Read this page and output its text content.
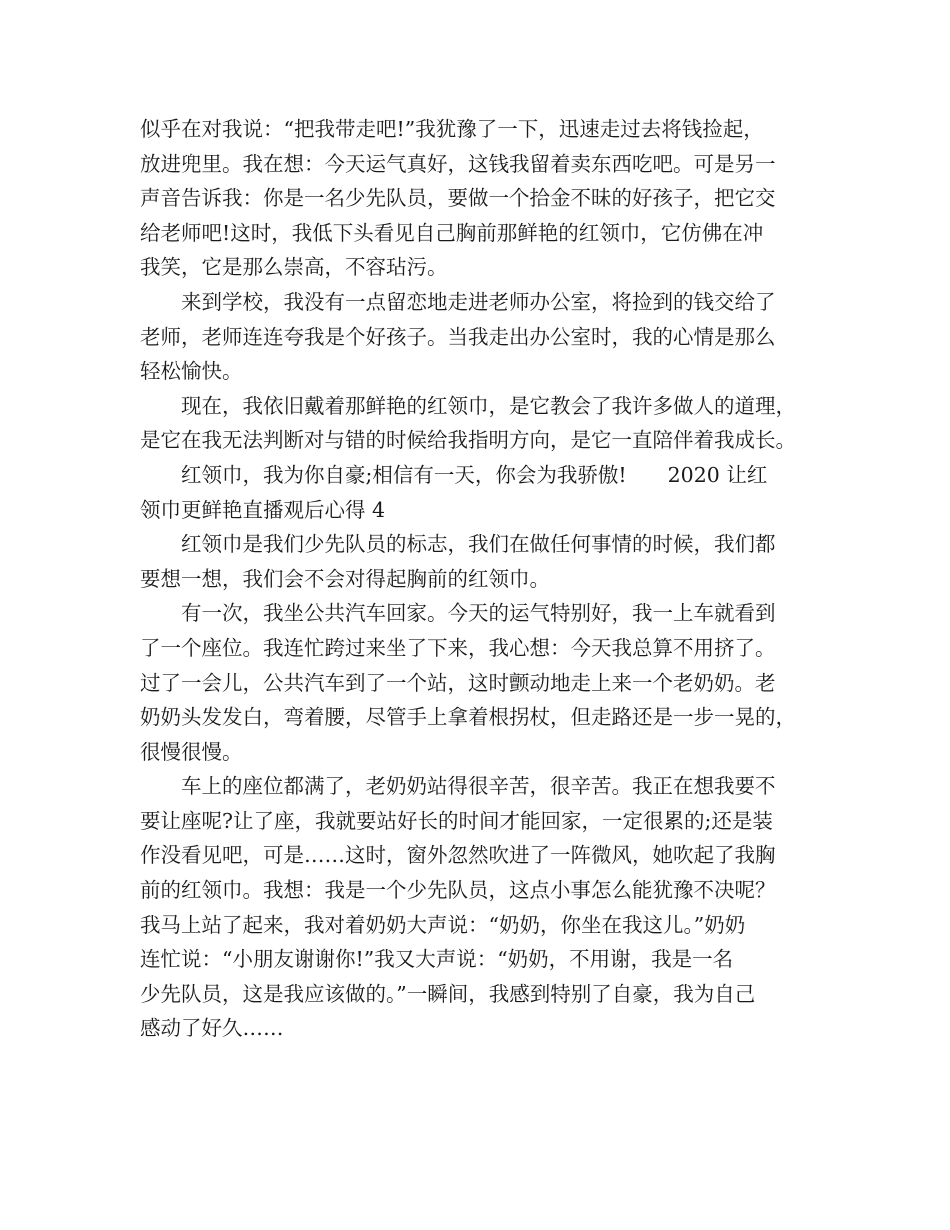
似乎在对我说：“把我带走吧!”我犹豫了一下，迅速走过去将钱捡起，
放进兜里。我在想：今天运气真好，这钱我留着卖东西吃吧。可是另一
声音告诉我：你是一名少先队员，要做一个拾金不昧的好孩子，把它交
给老师吧!这时，我低下头看见自己胸前那鲜艳的红领巾，它仿佛在冲
我笑，它是那么崇高，不容玷污。
来到学校，我没有一点留恋地走进老师办公室，将捡到的钱交给了
老师，老师连连夸我是个好孩子。当我走出办公室时，我的心情是那么
轻松愉快。
现在，我依旧戴着那鲜艳的红领巾，是它教会了我许多做人的道理，
是它在我无法判断对与错的时候给我指明方向，是它一直陪伴着我成长。
红领巾，我为你自豪;相信有一天，你会为我骄傲!　　2020 让红
领巾更鲜艳直播观后心得 4
红领巾是我们少先队员的标志，我们在做任何事情的时候，我们都
要想一想，我们会不会对得起胸前的红领巾。
有一次，我坐公共汽车回家。今天的运气特别好，我一上车就看到
了一个座位。我连忙跨过来坐了下来，我心想：今天我总算不用挤了。
过了一会儿，公共汽车到了一个站，这时颤动地走上来一个老奶奶。老
奶奶头发发白，弯着腰，尽管手上拿着根拐杖，但走路还是一步一晃的，
很慢很慢。
车上的座位都满了，老奶奶站得很辛苦，很辛苦。我正在想我要不
要让座呢?让了座，我就要站好长的时间才能回家，一定很累的;还是装
作没看见吧，可是……这时，窗外忽然吹进了一阵微风，她吹起了我胸
前的红领巾。我想：我是一个少先队员，这点小事怎么能犹豫不决呢？
我马上站了起来，我对着奶奶大声说：“奶奶，你坐在我这儿。”奶奶
连忙说：“小朋友谢谢你!”我又大声说：“奶奶，不用谢，我是一名
少先队员，这是我应该做的。”一瞬间，我感到特别了自豪，我为自己
感动了好久……
